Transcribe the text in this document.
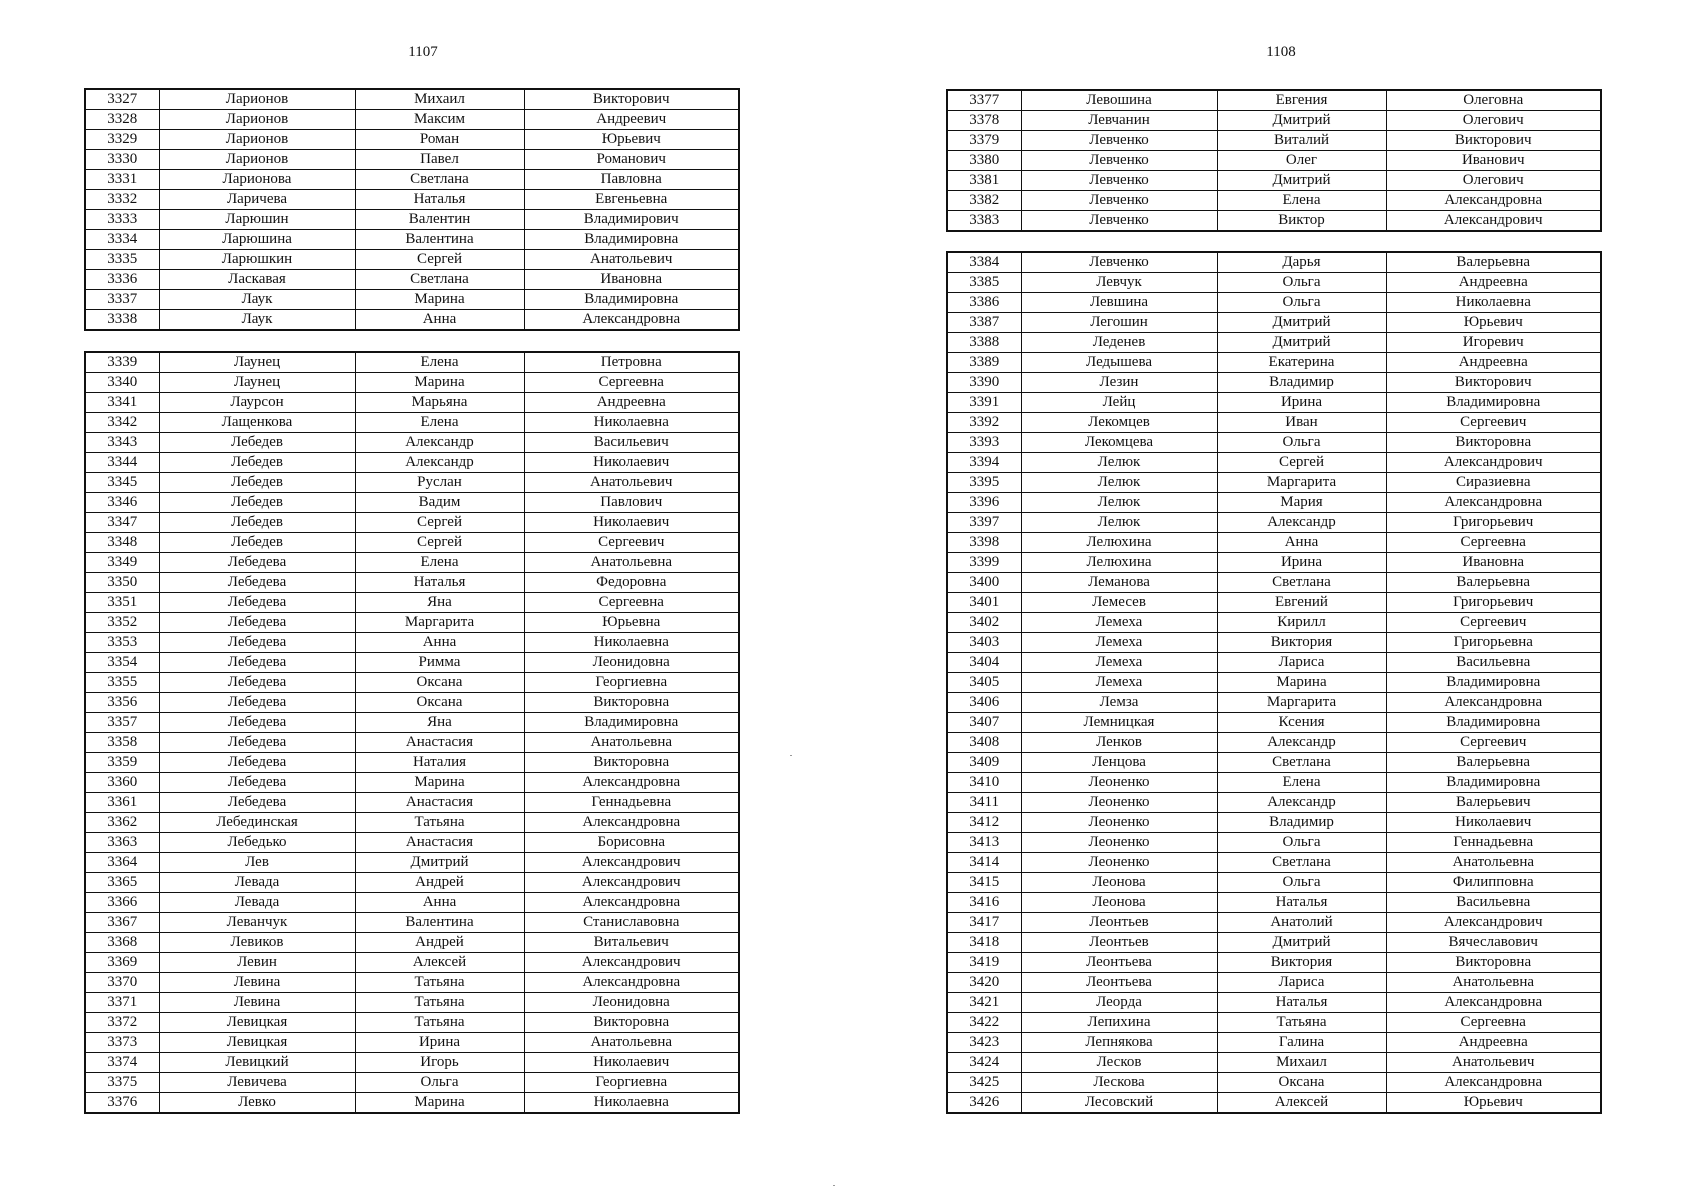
1107	1108
3327	Ларионов	Михаил	Викторович
3328	Ларионов	Максим	Андреевич
3329	Ларионов	Роман	Юрьевич
3330	Ларионов	Павел	Романович
3331	Ларионова	Светлана	Павловна
3332	Ларичева	Наталья	Евгеньевна
3333	Ларюшин	Валентин	Владимирович
3334	Ларюшина	Валентина	Владимировна
3335	Ларюшкин	Сергей	Анатольевич
3336	Ласкавая	Светлана	Ивановна
3337	Лаук	Марина	Владимировна
3338	Лаук	Анна	Александровна
3339	Лаунец	Елена	Петровна
3340	Лаунец	Марина	Сергеевна
3341	Лаурсон	Марьяна	Андреевна
3342	Лащенкова	Елена	Николаевна
3343	Лебедев	Александр	Васильевич
3344	Лебедев	Александр	Николаевич
3345	Лебедев	Руслан	Анатольевич
3346	Лебедев	Вадим	Павлович
3347	Лебедев	Сергей	Николаевич
3348	Лебедев	Сергей	Сергеевич
3349	Лебедева	Елена	Анатольевна
3350	Лебедева	Наталья	Федоровна
3351	Лебедева	Яна	Сергеевна
3352	Лебедева	Маргарита	Юрьевна
3353	Лебедева	Анна	Николаевна
3354	Лебедева	Римма	Леонидовна
3355	Лебедева	Оксана	Георгиевна
3356	Лебедева	Оксана	Викторовна
3357	Лебедева	Яна	Владимировна
3358	Лебедева	Анастасия	Анатольевна
3359	Лебедева	Наталия	Викторовна
3360	Лебедева	Марина	Александровна
3361	Лебедева	Анастасия	Геннадьевна
3362	Лебединская	Татьяна	Александровна
3363	Лебедько	Анастасия	Борисовна
3364	Лев	Дмитрий	Александрович
3365	Левада	Андрей	Александрович
3366	Левада	Анна	Александровна
3367	Леванчук	Валентина	Станиславовна
3368	Левиков	Андрей	Витальевич
3369	Левин	Алексей	Александрович
3370	Левина	Татьяна	Александровна
3371	Левина	Татьяна	Леонидовна
3372	Левицкая	Татьяна	Викторовна
3373	Левицкая	Ирина	Анатольевна
3374	Левицкий	Игорь	Николаевич
3375	Левичева	Ольга	Георгиевна
3376	Левко	Марина	Николаевна
3377	Левошина	Евгения	Олеговна
3378	Левчанин	Дмитрий	Олегович
3379	Левченко	Виталий	Викторович
3380	Левченко	Олег	Иванович
3381	Левченко	Дмитрий	Олегович
3382	Левченко	Елена	Александровна
3383	Левченко	Виктор	Александрович
3384	Левченко	Дарья	Валерьевна
3385	Левчук	Ольга	Андреевна
3386	Левшина	Ольга	Николаевна
3387	Легошин	Дмитрий	Юрьевич
3388	Леденев	Дмитрий	Игоревич
3389	Ледышева	Екатерина	Андреевна
3390	Лезин	Владимир	Викторович
3391	Лейц	Ирина	Владимировна
3392	Лекомцев	Иван	Сергеевич
3393	Лекомцева	Ольга	Викторовна
3394	Лелюк	Сергей	Александрович
3395	Лелюк	Маргарита	Сиразиевна
3396	Лелюк	Мария	Александровна
3397	Лелюк	Александр	Григорьевич
3398	Лелюхина	Анна	Сергеевна
3399	Лелюхина	Ирина	Ивановна
3400	Леманова	Светлана	Валерьевна
3401	Лемесев	Евгений	Григорьевич
3402	Лемеха	Кирилл	Сергеевич
3403	Лемеха	Виктория	Григорьевна
3404	Лемеха	Лариса	Васильевна
3405	Лемеха	Марина	Владимировна
3406	Лемза	Маргарита	Александровна
3407	Лемницкая	Ксения	Владимировна
3408	Ленков	Александр	Сергеевич
3409	Ленцова	Светлана	Валерьевна
3410	Леоненко	Елена	Владимировна
3411	Леоненко	Александр	Валерьевич
3412	Леоненко	Владимир	Николаевич
3413	Леоненко	Ольга	Геннадьевна
3414	Леоненко	Светлана	Анатольевна
3415	Леонова	Ольга	Филипповна
3416	Леонова	Наталья	Васильевна
3417	Леонтьев	Анатолий	Александрович
3418	Леонтьев	Дмитрий	Вячеславович
3419	Леонтьева	Виктория	Викторовна
3420	Леонтьева	Лариса	Анатольевна
3421	Леорда	Наталья	Александровна
3422	Лепихина	Татьяна	Сергеевна
3423	Лепнякова	Галина	Андреевна
3424	Лесков	Михаил	Анатольевич
3425	Лескова	Оксана	Александровна
3426	Лесовский	Алексей	Юрьевич
